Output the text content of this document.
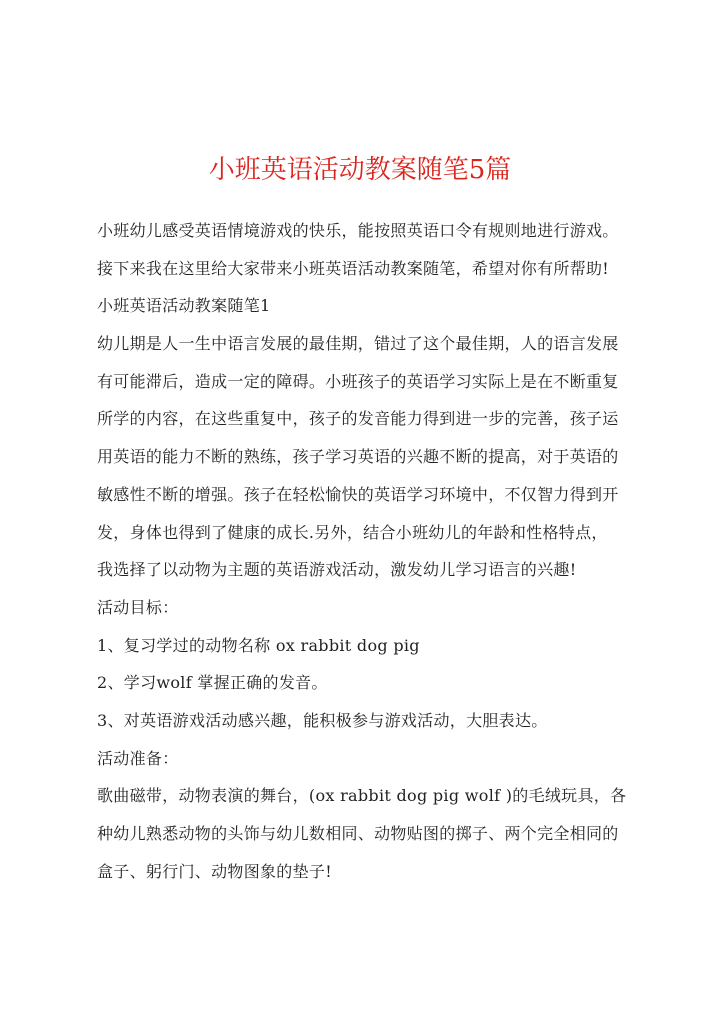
小班英语活动教案随笔5篇
小班幼儿感受英语情境游戏的快乐，能按照英语口令有规则地进行游戏。
接下来我在这里给大家带来小班英语活动教案随笔，希望对你有所帮助!
小班英语活动教案随笔1
幼儿期是人一生中语言发展的最佳期，错过了这个最佳期，人的语言发展
有可能滞后，造成一定的障碍。小班孩子的英语学习实际上是在不断重复
所学的内容，在这些重复中，孩子的发音能力得到进一步的完善，孩子运
用英语的能力不断的熟练，孩子学习英语的兴趣不断的提高，对于英语的
敏感性不断的增强。孩子在轻松愉快的英语学习环境中，不仅智力得到开
发，身体也得到了健康的成长.另外，结合小班幼儿的年龄和性格特点，
我选择了以动物为主题的英语游戏活动，激发幼儿学习语言的兴趣!
活动目标：
1、复习学过的动物名称 ox rabbit dog pig
2、学习wolf 掌握正确的发音。
3、对英语游戏活动感兴趣，能积极参与游戏活动，大胆表达。
活动准备：
歌曲磁带，动物表演的舞台，(ox rabbit dog pig wolf )的毛绒玩具，各
种幼儿熟悉动物的头饰与幼儿数相同、动物贴图的掷子、两个完全相同的
盒子、躬行门、动物图象的垫子!
